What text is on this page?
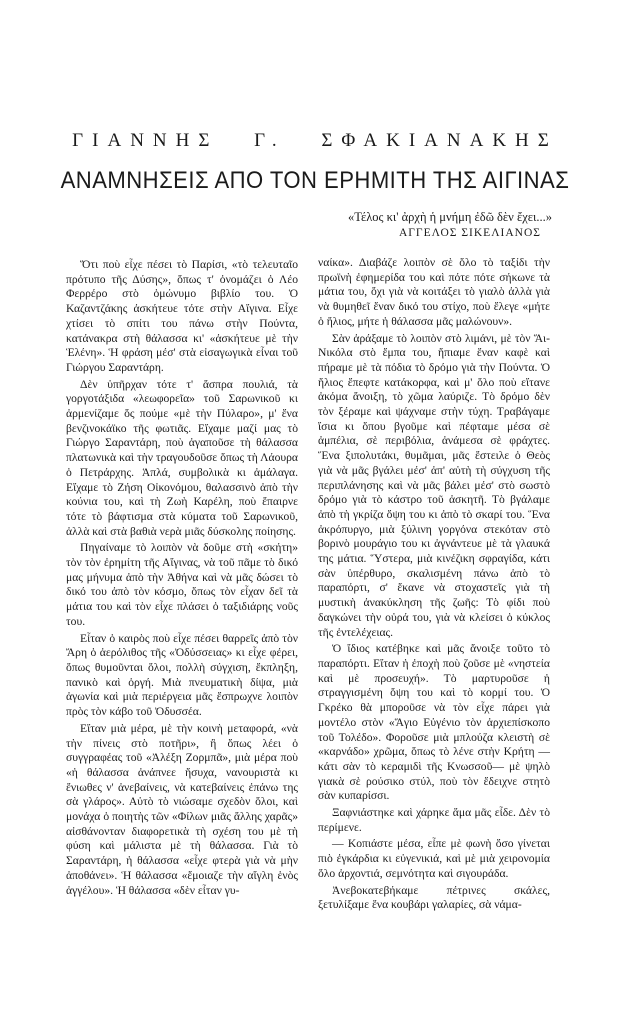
ΓΙΑΝΝΗΣ Γ. ΣΦΑΚΙΑΝΑΚΗΣ
ΑΝΑΜΝΗΣΕΙΣ ΑΠΟ ΤΟΝ ΕΡΗΜΙΤΗ ΤΗΣ ΑΙΓΙΝΑΣ
«Τέλος κι' ἀρχὴ ἡ μνήμη ἐδῶ δὲν ἔχει...»
ΑΓΓΕΛΟΣ ΣΙΚΕΛΙΑΝΟΣ

Ὅτι ποὺ εἶχε πέσει τὸ Παρίσι, «τὸ τελευταῖο πρότυπο τῆς Δύσης», ὅπως τ' ὀνομάζει ὁ Λέο Φερρέρο στὸ ὁμώνυμο βιβλίο του. Ὁ Καζαντζάκης ἀσκήτευε τότε στὴν Αἴγινα. Εἶχε χτίσει τὸ σπίτι του πάνω στὴν Πούντα, κατάνακρα στὴ θάλασσα κι' «ἀσκήτευε μὲ τὴν Ἑλένη». Ἡ φράση μέσ' στὰ εἰσαγωγικὰ εἶναι τοῦ Γιώργου Σαραντάρη.

Δὲν ὑπῆρχαν τότε τ' ἄσπρα πουλιά, τὰ γοργοτάξιδα «λεωφορεῖα» τοῦ Σαρωνικοῦ κι ἀρμενίζαμε ὅς πούμε «μὲ τὴν Πύλαρο», μ' ἕνα βενζινοκάϊκο τῆς φωτιᾶς. Εἴχαμε μαζί μας τὸ Γιώργο Σαραντάρη, ποὺ ἀγαποῦσε τὴ θάλασσα πλατωνικὰ καὶ τὴν τραγουδοῦσε ὅπως τὴ Λάουρα ὁ Πετράρχης. Ἁπλά, συμβολικὰ κι ἀμάλαγα. Εἴχαμε τὸ Ζήση Οἰκονόμου, θαλασσινὸ ἀπὸ τὴν κούνια του, καὶ τὴ Ζωὴ Καρέλη, ποὺ ἔπαιρνε τότε τὸ βάφτισμα στὰ κύματα τοῦ Σαρωνικοῦ, ἀλλὰ καὶ στὰ βαθιὰ νερὰ μιᾶς δύσκολης ποίησης.

Πηγαίναμε τὸ λοιπὸν νὰ δοῦμε στὴ «σκήτη» τὸν τὸν ἐρημίτη τῆς Αἴγινας, νὰ τοῦ πᾶμε τὸ δικό μας μήνυμα ἀπὸ τὴν Ἀθήνα καὶ νὰ μᾶς δώσει τὸ δικό του ἀπὸ τὸν κόσμο, ὅπως τὸν εἶχαν δεῖ τὰ μάτια του καὶ τὸν εἶχε πλάσει ὁ ταξιδιάρης νοῦς του.

Εἶταν ὁ καιρὸς ποὺ εἶχε πέσει θαρρεῖς ἀπὸ τὸν Ἄρη ὁ ἀερόλιθος τῆς «Ὀδύσσειας» κι εἶχε φέρει, ὅπως θυμοῦνται ὅλοι, πολλὴ σύγχιση, ἔκπληξη, πανικὸ καὶ ὀργή. Μιὰ πνευματικὴ δίψα, μιὰ ἀγωνία καὶ μιὰ περιέργεια μᾶς ἔσπρωχνε λοιπὸν πρὸς τὸν κάβο τοῦ Ὀδυσσέα.

Εἴταν μιὰ μέρα, μὲ τὴν κοινὴ μεταφορά, «νὰ τὴν πίνεις στὸ ποτῆρι», ἢ ὅπως λέει ὁ συγγραφέας τοῦ «Ἀλέξη Ζορμπᾶ», μιὰ μέρα ποὺ «ἡ θάλασσα ἀνάπνεε ἥσυχα, νανουριστὰ κι ἔνιωθες ν' ἀνεβαίνεις, νὰ κατεβαίνεις ἐπάνω της σὰ γλάρος». Αὐτὸ τὸ νιώσαμε σχεδὸν ὅλοι, καὶ μονάχα ὁ ποιητὴς τῶν «Φίλων μιᾶς ἄλλης χαρᾶς» αἰσθάνονταν διαφορετικὰ τὴ σχέση του μὲ τὴ φύση καὶ μάλιστα μὲ τὴ θάλασσα. Γιὰ τὸ Σαραντάρη, ἡ θάλασσα «εἶχε φτερὰ γιὰ νὰ μὴν ἀποθάνει». Ἡ θάλασσα «ἔμοιαζε τὴν αἴγλη ἑνὸς ἀγγέλου». Ἡ θάλασσα «δὲν εἶταν γυ-

ναίκα». Διαβάζε λοιπὸν σὲ ὅλο τὸ ταξίδι τὴν πρωϊνὴ ἐφημερίδα του καὶ πότε πότε σήκωνε τὰ μάτια του, ὄχι γιὰ νὰ κοιτάξει τὸ γιαλὸ ἀλλὰ γιὰ νὰ θυμηθεῖ ἕναν δικό του στίχο, ποὺ ἔλεγε «μήτε ὁ ἥλιος, μήτε ἡ θάλασσα μᾶς μαλώνουν».

Σὰν ἀράξαμε τὸ λοιπὸν στὸ λιμάνι, μὲ τὸν Ἅι-Νικόλα στὸ ἔμπα του, ἤπιαμε ἕναν καφὲ καὶ πήραμε μὲ τὰ πόδια τὸ δρόμο γιὰ τὴν Πούντα. Ὁ ἥλιος ἔπεφτε κατάκορφα, καὶ μ' ὅλο ποὺ εἴτανε ἀκόμα ἄνοιξη, τὸ χῶμα λαύριζε. Τὸ δρόμο δὲν τὸν ξέραμε καὶ ψάχναμε στὴν τύχη. Τραβάγαμε ἴσια κι ὅπου βγοῦμε καὶ πέφταμε μέσα σὲ ἀμπέλια, σὲ περιβόλια, ἀνάμεσα σὲ φράχτες. Ἕνα ξιπολυτάκι, θυμᾶμαι, μᾶς ἔστειλε ὁ Θεὸς γιὰ νὰ μᾶς βγάλει μέσ' ἀπ' αὐτὴ τὴ σύγχυση τῆς περιπλάνησης καὶ νὰ μᾶς βάλει μέσ' στὸ σωστὸ δρόμο γιὰ τὸ κάστρο τοῦ ἀσκητῆ. Τὸ βγάλαμε ἀπὸ τὴ γκρίζα ὄψη του κι ἀπὸ τὸ σκαρί του. Ἕνα ἀκρόπυργο, μιὰ ξύλινη γοργόνα στεκόταν στὸ βορινὸ μουράγιο του κι ἀγνάντευε μὲ τὰ γλαυκά της μάτια. Ὕστερα, μιὰ κινέζικη σφραγίδα, κάτι σὰν ὑπέρθυρο, σκαλισμένη πάνω ἀπὸ τὸ παραπόρτι, σ' ἔκανε νὰ στοχαστεῖς γιὰ τὴ μυστικὴ ἀνακύκληση τῆς ζωῆς: Τὸ φίδι ποὺ δαγκώνει τὴν οὐρά του, γιὰ νὰ κλείσει ὁ κύκλος τῆς ἐντελέχειας.

Ὁ ἴδιος κατέβηκε καὶ μᾶς ἄνοιξε τοῦτο τὸ παραπόρτι. Εἴταν ἡ ἐποχὴ ποὺ ζοῦσε μὲ «νηστεία καὶ μὲ προσευχή». Τὸ μαρτυροῦσε ἡ στραγγισμένη ὄψη του καὶ τὸ κορμί του. Ὁ Γκρέκο θὰ μποροῦσε νὰ τὸν εἶχε πάρει γιὰ μοντέλο στὸν «Ἅγιο Εὐγένιο τὸν ἀρχιεπίσκοπο τοῦ Τολέδο». Φοροῦσε μιὰ μπλούζα κλειστὴ σὲ «καρνάδο» χρῶμα, ὅπως τὸ λένε στὴν Κρήτη — κάτι σὰν τὸ κεραμιδὶ τῆς Κνωσσοῦ— μὲ ψηλὸ γιακὰ σὲ ρούσικο στύλ, ποὺ τὸν ἔδειχνε στητὸ σὰν κυπαρίσσι.

Ξαφνιάστηκε καὶ χάρηκε ἅμα μᾶς εἶδε. Δὲν τὸ περίμενε.

— Κοπιάστε μέσα, εἶπε μὲ φωνὴ ὅσο γίνεται πιὸ ἐγκάρδια κι εὐγενικιά, καὶ μὲ μιὰ χειρονομία ὅλο ἀρχοντιά, σεμνότητα καὶ σιγουράδα.

Ἀνεβοκατεβήκαμε πέτρινες σκάλες, ξετυλίξαμε ἕνα κουβάρι γαλαρίες, σὰ νάμα-
